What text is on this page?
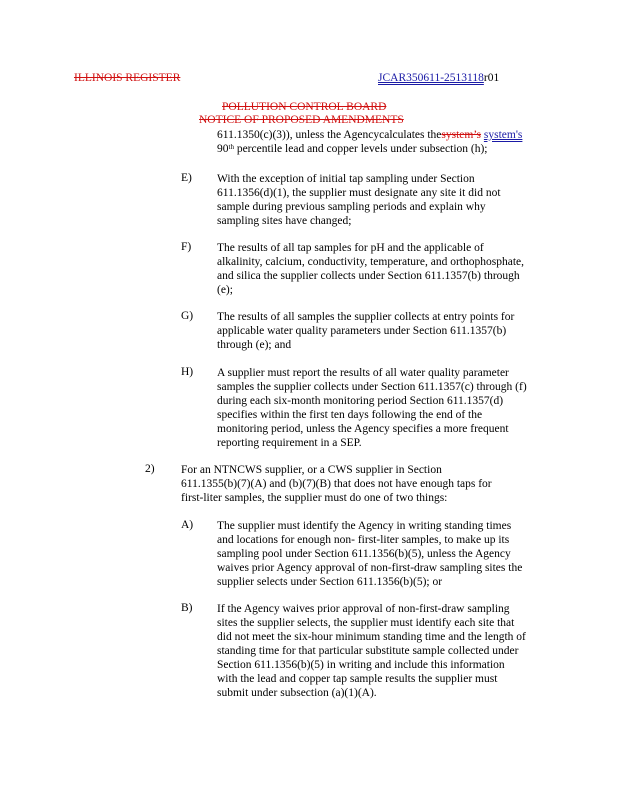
ILLINOIS REGISTER	JCAR350611-2513118r01
POLLUTION CONTROL BOARD
NOTICE OF PROPOSED AMENDMENTS
611.1350(c)(3)), unless the Agencycalculates thesystem’s system's
90th percentile lead and copper levels under subsection (h);
E) With the exception of initial tap sampling under Section
611.1356(d)(1), the supplier must designate any site it did not
sample during previous sampling periods and explain why
sampling sites have changed;
F) The results of all tap samples for pH and the applicable of
alkalinity, calcium, conductivity, temperature, and orthophosphate,
and silica the supplier collects under Section 611.1357(b) through
(e);
G) The results of all samples the supplier collects at entry points for
applicable water quality parameters under Section 611.1357(b)
through (e); and
H) A supplier must report the results of all water quality parameter
samples the supplier collects under Section 611.1357(c) through (f)
during each six-month monitoring period Section 611.1357(d)
specifies within the first ten days following the end of the
monitoring period, unless the Agency specifies a more frequent
reporting requirement in a SEP.
2) For an NTNCWS supplier, or a CWS supplier in Section
611.1355(b)(7)(A) and (b)(7)(B) that does not have enough taps for
first-liter samples, the supplier must do one of two things:
A) The supplier must identify the Agency in writing standing times
and locations for enough non- first-liter samples, to make up its
sampling pool under Section 611.1356(b)(5), unless the Agency
waives prior Agency approval of non-first-draw sampling sites the
supplier selects under Section 611.1356(b)(5); or
B) If the Agency waives prior approval of non-first-draw sampling
sites the supplier selects, the supplier must identify each site that
did not meet the six-hour minimum standing time and the length of
standing time for that particular substitute sample collected under
Section 611.1356(b)(5) in writing and include this information
with the lead and copper tap sample results the supplier must
submit under subsection (a)(1)(A).
